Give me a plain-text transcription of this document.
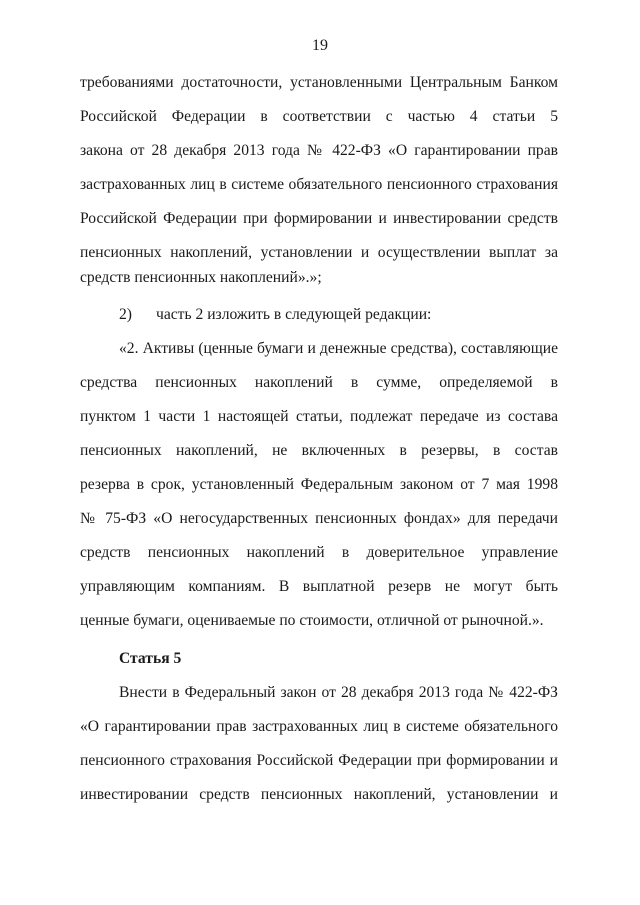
19
требованиями достаточности, установленными Центральным Банком
Российской Федерации в соответствии с частью 4 статьи 5
закона от 28 декабря 2013 года № 422-ФЗ «О гарантировании прав
застрахованных лиц в системе обязательного пенсионного страхования
Российской Федерации при формировании и инвестировании средств
пенсионных накоплений, установлении и осуществлении выплат за
средств пенсионных накоплений».»;
2) часть 2 изложить в следующей редакции:
«2. Активы (ценные бумаги и денежные средства), составляющие
средства пенсионных накоплений в сумме, определяемой в
пунктом 1 части 1 настоящей статьи, подлежат передаче из состава
пенсионных накоплений, не включенных в резервы, в состав
резерва в срок, установленный Федеральным законом от 7 мая 1998
№ 75-ФЗ «О негосударственных пенсионных фондах» для передачи
средств пенсионных накоплений в доверительное управление
управляющим компаниям. В выплатной резерв не могут быть
ценные бумаги, оцениваемые по стоимости, отличной от рыночной.».
Статья 5
Внести в Федеральный закон от 28 декабря 2013 года № 422-ФЗ
«О гарантировании прав застрахованных лиц в системе обязательного
пенсионного страхования Российской Федерации при формировании и
инвестировании средств пенсионных накоплений, установлении и
